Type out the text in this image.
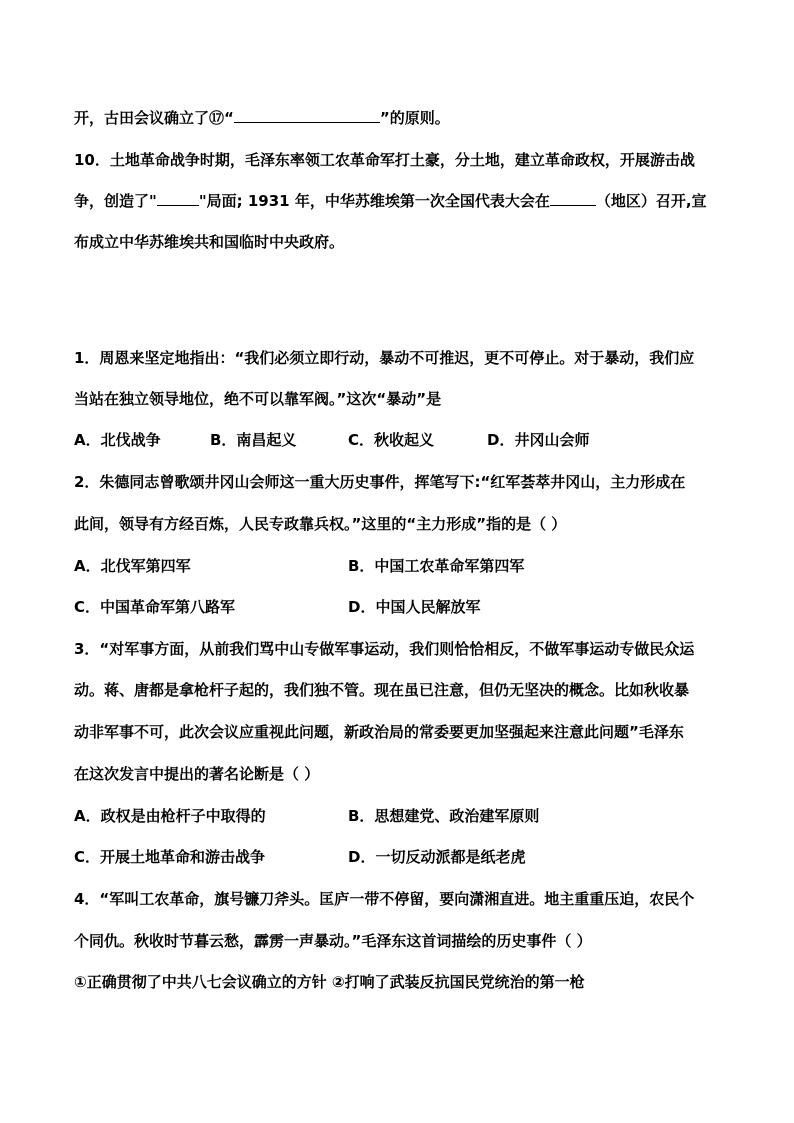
开，古田会议确立了⑰“	”的原则。
10．土地革命战争时期，毛泽东率领工农革命军打土豪，分土地，建立革命政权，开展游击战
争，创造了"	"局面; 1931 年，中华苏维埃第一次全国代表大会在	（地区）召开,宣
布成立中华苏维埃共和国临时中央政府。
1．周恩来坚定地指出：“我们必须立即行动，暴动不可推迟，更不可停止。对于暴动，我们应
当站在独立领导地位，绝不可以靠军阀。”这次“暴动”是
A．北伐战争	B．南昌起义	C．秋收起义	D．井冈山会师
2．朱德同志曾歌颂井冈山会师这一重大历史事件，挥笔写下:“红军荟萃井冈山，主力形成在
此间，领导有方经百炼，人民专政靠兵权。”这里的“主力形成”指的是（ ）
A．北伐军第四军	B．中国工农革命军第四军
C．中国革命军第八路军	D．中国人民解放军
3．“对军事方面，从前我们骂中山专做军事运动，我们则恰恰相反，不做军事运动专做民众运
动。蒋、唐都是拿枪杆子起的，我们独不管。现在虽已注意，但仍无坚决的概念。比如秋收暴
动非军事不可，此次会议应重视此问题，新政治局的常委要更加坚强起来注意此问题”毛泽东
在这次发言中提出的著名论断是（ ）
A．政权是由枪杆子中取得的	B．思想建党、政治建军原则
C．开展土地革命和游击战争	D．一切反动派都是纸老虎
4．“军叫工农革命，旗号镰刀斧头。匡庐一带不停留，要向潇湘直进。地主重重压迫，农民个
个同仇。秋收时节暮云愁，霹雳一声暴动。”毛泽东这首词描绘的历史事件（ ）
①正确贯彻了中共八七会议确立的方针 ②打响了武装反抗国民党统治的第一枪
